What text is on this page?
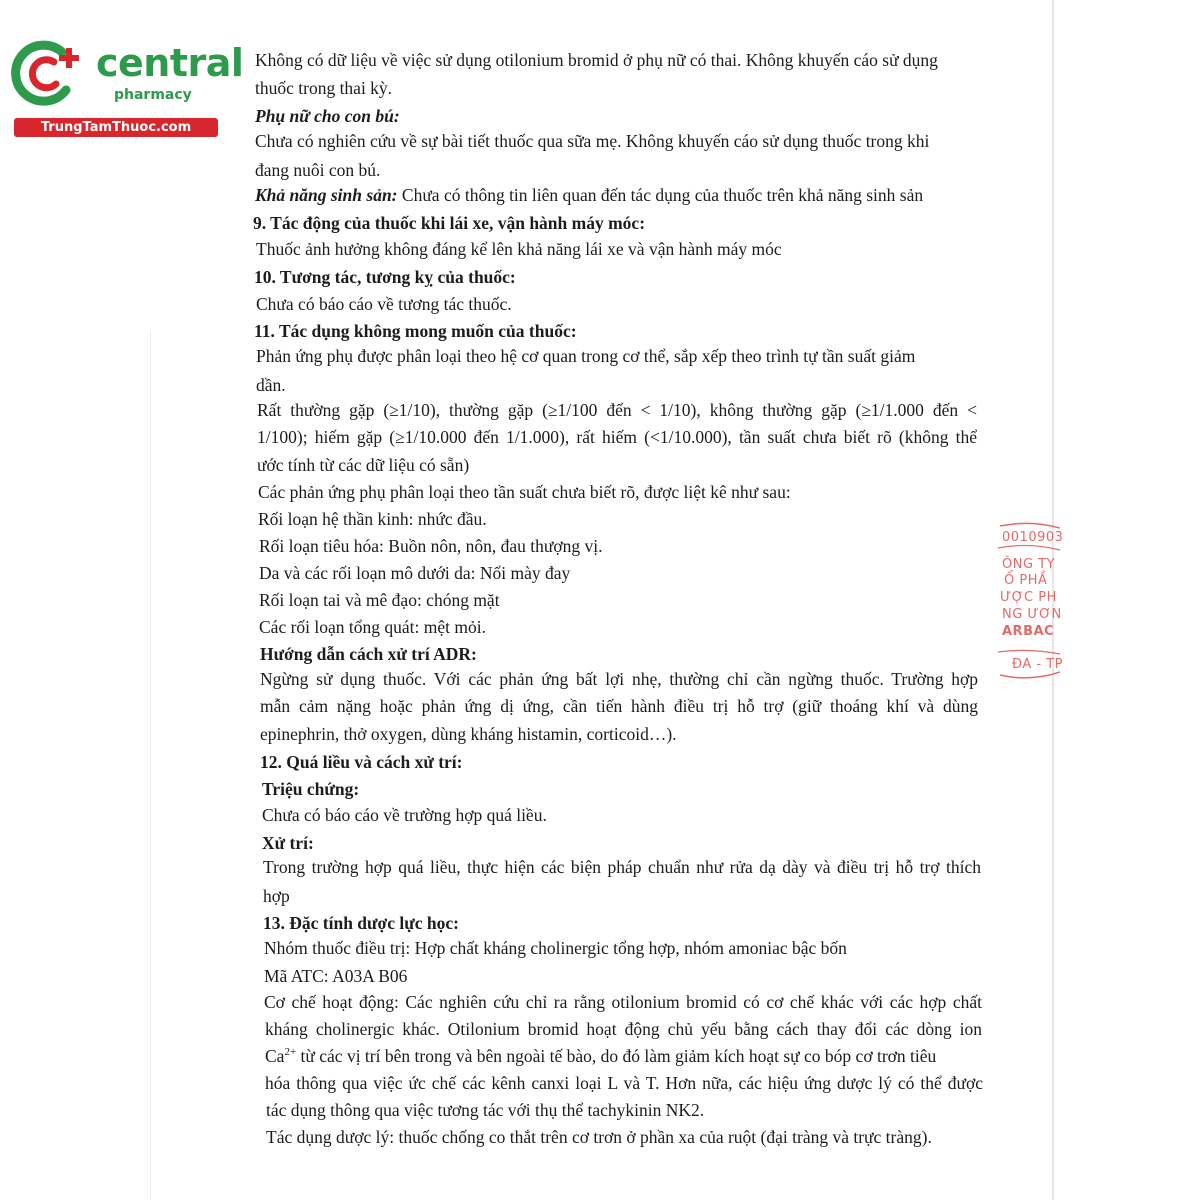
central
pharmacy
TrungTamThuoc.com
Không có dữ liệu về việc sử dụng otilonium bromid ở phụ nữ có thai. Không khuyến cáo sử dụng
thuốc trong thai kỳ.
Phụ nữ cho con bú:
Chưa có nghiên cứu về sự bài tiết thuốc qua sữa mẹ. Không khuyến cáo sử dụng thuốc trong khi
đang nuôi con bú.
Khả năng sinh sản: Chưa có thông tin liên quan đến tác dụng của thuốc trên khả năng sinh sản
9. Tác động của thuốc khi lái xe, vận hành máy móc:
Thuốc ảnh hưởng không đáng kể lên khả năng lái xe và vận hành máy móc
10. Tương tác, tương kỵ của thuốc:
Chưa có báo cáo về tương tác thuốc.
11. Tác dụng không mong muốn của thuốc:
Phản ứng phụ được phân loại theo hệ cơ quan trong cơ thể, sắp xếp theo trình tự tần suất giảm
dần.
Rất thường gặp (≥1/10), thường gặp (≥1/100 đến < 1/10), không thường gặp (≥1/1.000 đến <
1/100); hiếm gặp (≥1/10.000 đến 1/1.000), rất hiếm (<1/10.000), tần suất chưa biết rõ (không thể
ước tính từ các dữ liệu có sẵn)
Các phản ứng phụ phân loại theo tần suất chưa biết rõ, được liệt kê như sau:
Rối loạn hệ thần kinh: nhức đầu.
Rối loạn tiêu hóa: Buồn nôn, nôn, đau thượng vị.
Da và các rối loạn mô dưới da: Nổi mày đay
Rối loạn tai và mê đạo: chóng mặt
Các rối loạn tổng quát: mệt mỏi.
Hướng dẫn cách xử trí ADR:
Ngừng sử dụng thuốc. Với các phản ứng bất lợi nhẹ, thường chỉ cần ngừng thuốc. Trường hợp
mẫn cảm nặng hoặc phản ứng dị ứng, cần tiến hành điều trị hỗ trợ (giữ thoáng khí và dùng
epinephrin, thở oxygen, dùng kháng histamin, corticoid…).
12. Quá liều và cách xử trí:
Triệu chứng:
Chưa có báo cáo về trường hợp quá liều.
Xử trí:
Trong trường hợp quá liều, thực hiện các biện pháp chuẩn như rửa dạ dày và điều trị hỗ trợ thích
hợp
13. Đặc tính dược lực học:
Nhóm thuốc điều trị: Hợp chất kháng cholinergic tổng hợp, nhóm amoniac bậc bốn
Mã ATC: A03A B06
Cơ chế hoạt động: Các nghiên cứu chỉ ra rằng otilonium bromid có cơ chế khác với các hợp chất
kháng cholinergic khác. Otilonium bromid hoạt động chủ yếu bằng cách thay đổi các dòng ion
$Ca^{2+}$ từ các vị trí bên trong và bên ngoài tế bào, do đó làm giảm kích hoạt sự co bóp cơ trơn tiêu
hóa thông qua việc ức chế các kênh canxi loại L và T. Hơn nữa, các hiệu ứng dược lý có thể được
tác dụng thông qua việc tương tác với thụ thể tachykinin NK2.
Tác dụng dược lý: thuốc chống co thắt trên cơ trơn ở phần xa của ruột (đại tràng và trực tràng).
0010903
ÔNG TY
Ổ PHẦ
ƯỢC PH
NG ƯƠN
ARBAC
ĐA - TP
